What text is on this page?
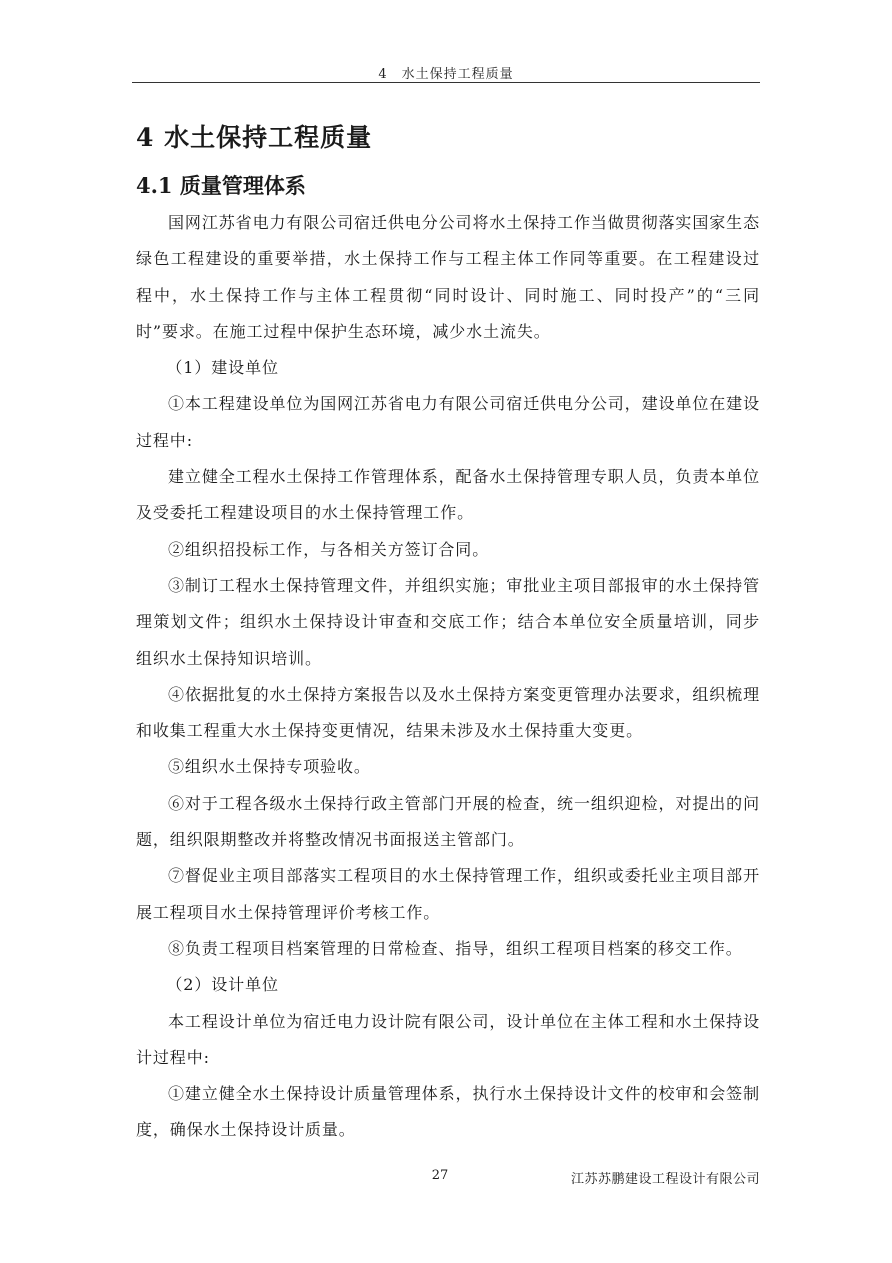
4　水土保持工程质量
4 水土保持工程质量
4.1 质量管理体系

国网江苏省电力有限公司宿迁供电分公司将水土保持工作当做贯彻落实国家生态绿色工程建设的重要举措，水土保持工作与工程主体工作同等重要。在工程建设过程中，水土保持工作与主体工程贯彻“同时设计、同时施工、同时投产”的“三同时”要求。在施工过程中保护生态环境，减少水土流失。

（1）建设单位

①本工程建设单位为国网江苏省电力有限公司宿迁供电分公司，建设单位在建设过程中:

建立健全工程水土保持工作管理体系，配备水土保持管理专职人员，负责本单位及受委托工程建设项目的水土保持管理工作。

②组织招投标工作，与各相关方签订合同。

③制订工程水土保持管理文件，并组织实施；审批业主项目部报审的水土保持管理策划文件；组织水土保持设计审查和交底工作；结合本单位安全质量培训，同步组织水土保持知识培训。

④依据批复的水土保持方案报告以及水土保持方案变更管理办法要求，组织梳理和收集工程重大水土保持变更情况，结果未涉及水土保持重大变更。

⑤组织水土保持专项验收。

⑥对于工程各级水土保持行政主管部门开展的检查，统一组织迎检，对提出的问题，组织限期整改并将整改情况书面报送主管部门。

⑦督促业主项目部落实工程项目的水土保持管理工作，组织或委托业主项目部开展工程项目水土保持管理评价考核工作。

⑧负责工程项目档案管理的日常检查、指导，组织工程项目档案的移交工作。

（2）设计单位

本工程设计单位为宿迁电力设计院有限公司，设计单位在主体工程和水土保持设计过程中:

①建立健全水土保持设计质量管理体系，执行水土保持设计文件的校审和会签制度，确保水土保持设计质量。

27	江苏苏鹏建设工程设计有限公司
